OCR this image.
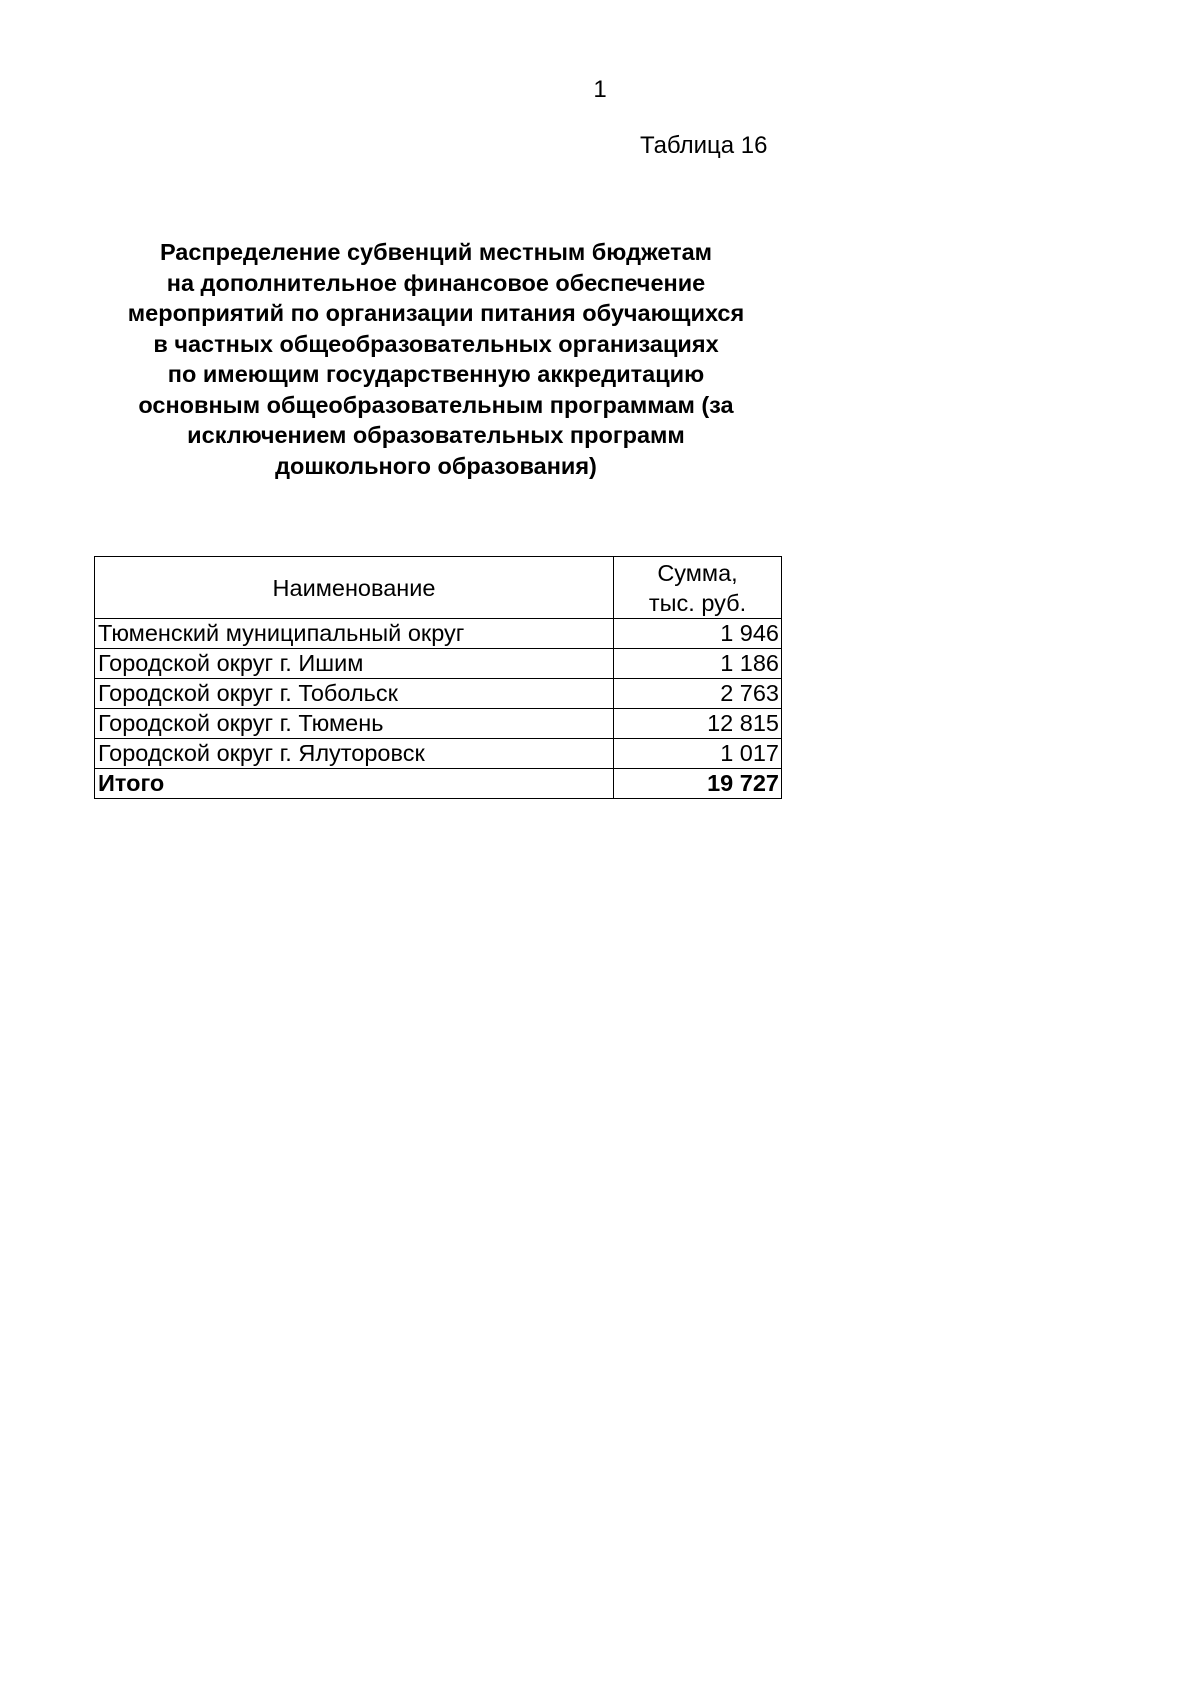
1
Таблица 16
Распределение субвенций местным бюджетам
на дополнительное финансовое обеспечение
мероприятий по организации питания обучающихся
в частных общеобразовательных организациях
по имеющим государственную аккредитацию
основным общеобразовательным программам (за
исключением образовательных программ
дошкольного образования)
Наименование	Сумма,
тыс. руб.

Тюменский муниципальный округ	1 946
Городской округ г. Ишим	1 186
Городской округ г. Тобольск	2 763
Городской округ г. Тюмень	12 815
Городской округ г. Ялуторовск	1 017
Итого	19 727
